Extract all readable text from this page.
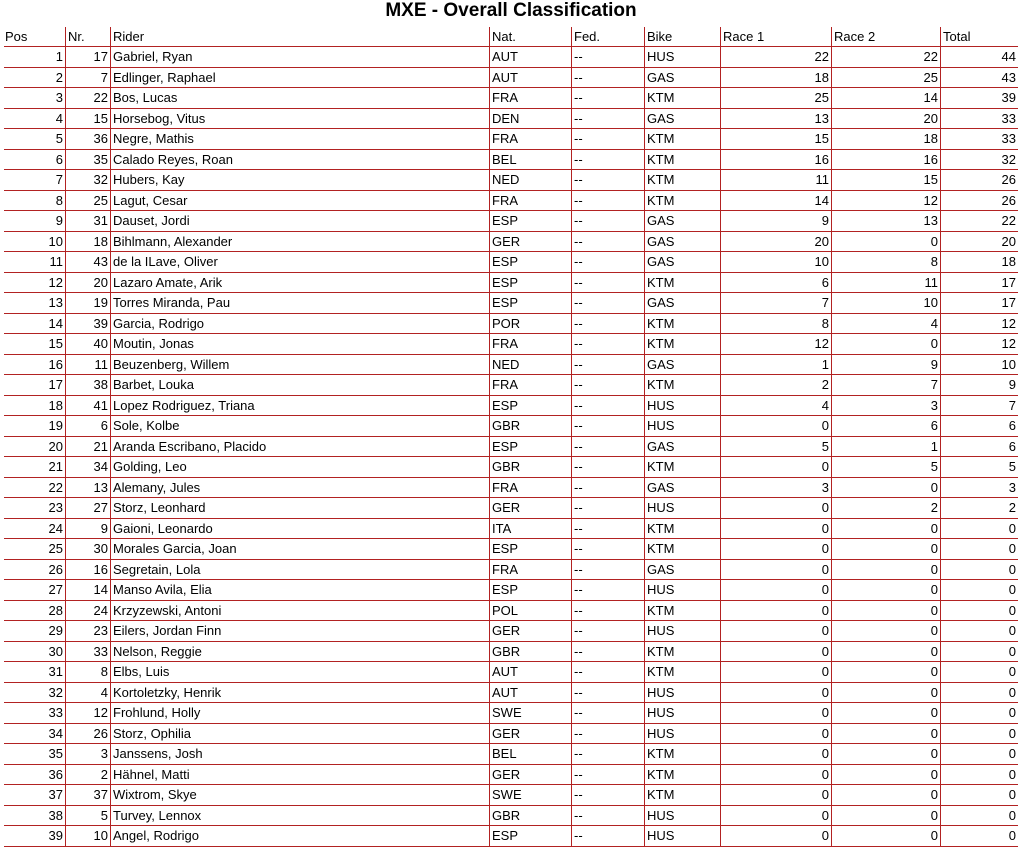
MXE - Overall Classification
Pos	Nr.	Rider	Nat.	Fed.	Bike	Race 1	Race 2	Total
1	17	Gabriel, Ryan	AUT	--	HUS	22	22	44
2	7	Edlinger, Raphael	AUT	--	GAS	18	25	43
3	22	Bos, Lucas	FRA	--	KTM	25	14	39
4	15	Horsebog, Vitus	DEN	--	GAS	13	20	33
5	36	Negre, Mathis	FRA	--	KTM	15	18	33
6	35	Calado Reyes, Roan	BEL	--	KTM	16	16	32
7	32	Hubers, Kay	NED	--	KTM	11	15	26
8	25	Lagut, Cesar	FRA	--	KTM	14	12	26
9	31	Dauset, Jordi	ESP	--	GAS	9	13	22
10	18	Bihlmann, Alexander	GER	--	GAS	20	0	20
11	43	de la ILave, Oliver	ESP	--	GAS	10	8	18
12	20	Lazaro Amate, Arik	ESP	--	KTM	6	11	17
13	19	Torres Miranda, Pau	ESP	--	GAS	7	10	17
14	39	Garcia, Rodrigo	POR	--	KTM	8	4	12
15	40	Moutin, Jonas	FRA	--	KTM	12	0	12
16	11	Beuzenberg, Willem	NED	--	GAS	1	9	10
17	38	Barbet, Louka	FRA	--	KTM	2	7	9
18	41	Lopez Rodriguez, Triana	ESP	--	HUS	4	3	7
19	6	Sole, Kolbe	GBR	--	HUS	0	6	6
20	21	Aranda Escribano, Placido	ESP	--	GAS	5	1	6
21	34	Golding, Leo	GBR	--	KTM	0	5	5
22	13	Alemany, Jules	FRA	--	GAS	3	0	3
23	27	Storz, Leonhard	GER	--	HUS	0	2	2
24	9	Gaioni, Leonardo	ITA	--	KTM	0	0	0
25	30	Morales Garcia, Joan	ESP	--	KTM	0	0	0
26	16	Segretain, Lola	FRA	--	GAS	0	0	0
27	14	Manso Avila, Elia	ESP	--	HUS	0	0	0
28	24	Krzyzewski, Antoni	POL	--	KTM	0	0	0
29	23	Eilers, Jordan Finn	GER	--	HUS	0	0	0
30	33	Nelson, Reggie	GBR	--	KTM	0	0	0
31	8	Elbs, Luis	AUT	--	KTM	0	0	0
32	4	Kortoletzky, Henrik	AUT	--	HUS	0	0	0
33	12	Frohlund, Holly	SWE	--	HUS	0	0	0
34	26	Storz, Ophilia	GER	--	HUS	0	0	0
35	3	Janssens, Josh	BEL	--	KTM	0	0	0
36	2	Hähnel, Matti	GER	--	KTM	0	0	0
37	37	Wixtrom, Skye	SWE	--	KTM	0	0	0
38	5	Turvey, Lennox	GBR	--	HUS	0	0	0
39	10	Angel, Rodrigo	ESP	--	HUS	0	0	0
